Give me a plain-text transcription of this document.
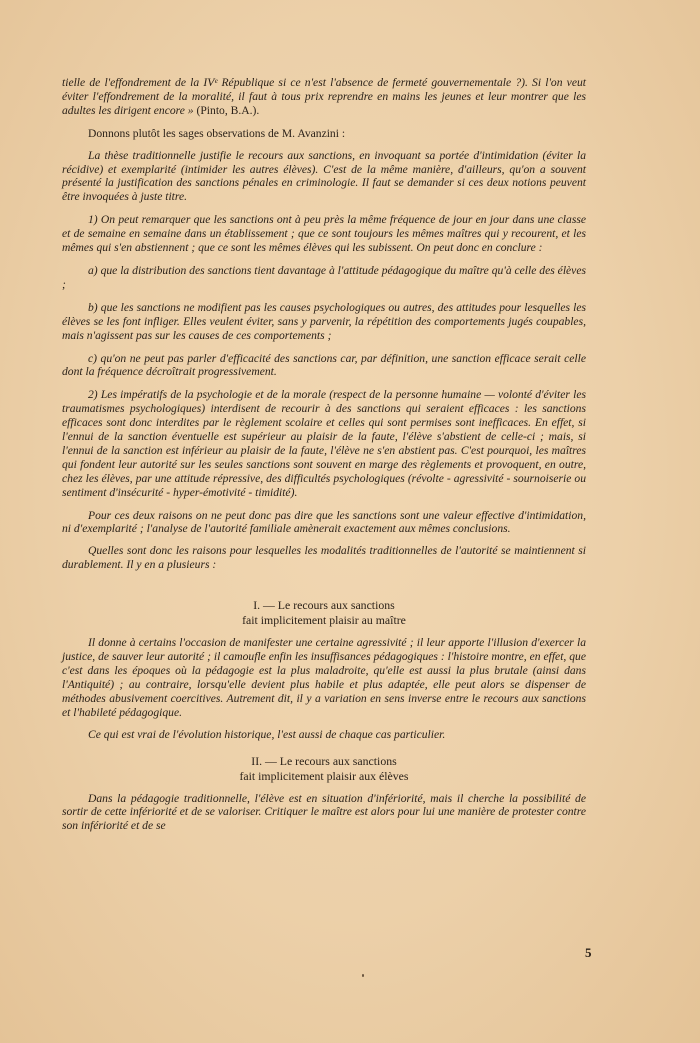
tielle de l'effondrement de la IVᵉ République si ce n'est l'absence de fermeté gouvernementale ?). Si l'on veut éviter l'effondrement de la moralité, il faut à tous prix reprendre en mains les jeunes et leur montrer que les adultes les dirigent encore » (Pinto, B.A.).

Donnons plutôt les sages observations de M. Avanzini :

La thèse traditionnelle justifie le recours aux sanctions, en invoquant sa portée d'intimidation (éviter la récidive) et exemplarité (intimider les autres élèves). C'est de la même manière, d'ailleurs, qu'on a souvent présenté la justification des sanctions pénales en criminologie. Il faut se demander si ces deux notions peuvent être invoquées à juste titre.

1) On peut remarquer que les sanctions ont à peu près la même fréquence de jour en jour dans une classe et de semaine en semaine dans un établissement ; que ce sont toujours les mêmes maîtres qui y recourent, et les mêmes qui s'en abstiennent ; que ce sont les mêmes élèves qui les subissent. On peut donc en conclure :

a) que la distribution des sanctions tient davantage à l'attitude pédagogique du maître qu'à celle des élèves ;

b) que les sanctions ne modifient pas les causes psychologiques ou autres, des attitudes pour lesquelles les élèves se les font infliger. Elles veulent éviter, sans y parvenir, la répétition des comportements jugés coupables, mais n'agissent pas sur les causes de ces comportements ;

c) qu'on ne peut pas parler d'efficacité des sanctions car, par définition, une sanction efficace serait celle dont la fréquence décroîtrait progressivement.

2) Les impératifs de la psychologie et de la morale (respect de la personne humaine — volonté d'éviter les traumatismes psychologiques) interdisent de recourir à des sanctions qui seraient efficaces : les sanctions efficaces sont donc interdites par le règlement scolaire et celles qui sont permises sont inefficaces. En effet, si l'ennui de la sanction éventuelle est supérieur au plaisir de la faute, l'élève s'abstient de celle-ci ; mais, si l'ennui de la sanction est inférieur au plaisir de la faute, l'élève ne s'en abstient pas. C'est pourquoi, les maîtres qui fondent leur autorité sur les seules sanctions sont souvent en marge des règlements et provoquent, en outre, chez les élèves, par une attitude répressive, des difficultés psychologiques (révolte - agressivité - sournoiserie ou sentiment d'insécurité - hyper-émotivité - timidité).

Pour ces deux raisons on ne peut donc pas dire que les sanctions sont une valeur effective d'intimidation, ni d'exemplarité ; l'analyse de l'autorité familiale amènerait exactement aux mêmes conclusions.

Quelles sont donc les raisons pour lesquelles les modalités traditionnelles de l'autorité se maintiennent si durablement. Il y en a plusieurs :

I. — Le recours aux sanctions

fait implicitement plaisir au maître

Il donne à certains l'occasion de manifester une certaine agressivité ; il leur apporte l'illusion d'exercer la justice, de sauver leur autorité ; il camoufle enfin les insuffisances pédagogiques : l'histoire montre, en effet, que c'est dans les époques où la pédagogie est la plus maladroite, qu'elle est aussi la plus brutale (ainsi dans l'Antiquité) ; au contraire, lorsqu'elle devient plus habile et plus adaptée, elle peut alors se dispenser de méthodes abusivement coercitives. Autrement dit, il y a variation en sens inverse entre le recours aux sanctions et l'habileté pédagogique.

Ce qui est vrai de l'évolution historique, l'est aussi de chaque cas particulier.

II. — Le recours aux sanctions

fait implicitement plaisir aux élèves

Dans la pédagogie traditionnelle, l'élève est en situation d'infériorité, mais il cherche la possibilité de sortir de cette infériorité et de se valoriser. Critiquer le maître est alors pour lui une manière de protester contre son infériorité et de se

5
